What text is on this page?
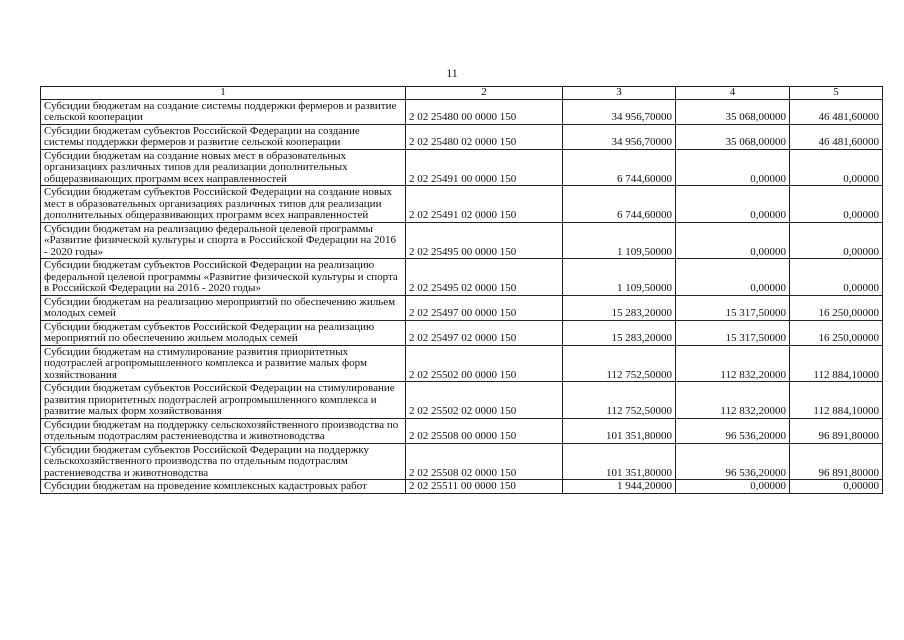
11
1	2	3	4	5
Субсидии бюджетам на создание системы поддержки фермеров и развитие сельской кооперации	2 02 25480 00 0000 150	34 956,70000	35 068,00000	46 481,60000
Субсидии бюджетам субъектов Российской Федерации на создание системы поддержки фермеров и развитие сельской кооперации	2 02 25480 02 0000 150	34 956,70000	35 068,00000	46 481,60000
Субсидии бюджетам на создание новых мест в образовательных организациях различных типов для реализации дополнительных общеразвивающих программ всех направленностей	2 02 25491 00 0000 150	6 744,60000	0,00000	0,00000
Субсидии бюджетам субъектов Российской Федерации на создание новых мест в образовательных организациях различных типов для реализации дополнительных общеразвивающих программ всех направленностей	2 02 25491 02 0000 150	6 744,60000	0,00000	0,00000
Субсидии бюджетам на реализацию федеральной целевой программы «Развитие физической культуры и спорта в Российской Федерации на 2016 - 2020 годы»	2 02 25495 00 0000 150	1 109,50000	0,00000	0,00000
Субсидии бюджетам субъектов Российской Федерации на реализацию федеральной целевой программы «Развитие физической культуры и спорта в Российской Федерации на 2016 - 2020 годы»	2 02 25495 02 0000 150	1 109,50000	0,00000	0,00000
Субсидии бюджетам на реализацию мероприятий по обеспечению жильем молодых семей	2 02 25497 00 0000 150	15 283,20000	15 317,50000	16 250,00000
Субсидии бюджетам субъектов Российской Федерации на реализацию мероприятий по обеспечению жильем молодых семей	2 02 25497 02 0000 150	15 283,20000	15 317,50000	16 250,00000
Субсидии бюджетам на стимулирование развития приоритетных подотраслей агропромышленного комплекса и развитие малых форм хозяйствования	2 02 25502 00 0000 150	112 752,50000	112 832,20000	112 884,10000
Субсидии бюджетам субъектов Российской Федерации на стимулирование развития приоритетных подотраслей агропромышленного комплекса и развитие малых форм хозяйствования	2 02 25502 02 0000 150	112 752,50000	112 832,20000	112 884,10000
Субсидии бюджетам на поддержку сельскохозяйственного производства по отдельным подотраслям растениеводства и животноводства	2 02 25508 00 0000 150	101 351,80000	96 536,20000	96 891,80000
Субсидии бюджетам субъектов Российской Федерации на поддержку сельскохозяйственного производства по отдельным подотраслям растениеводства и животноводства	2 02 25508 02 0000 150	101 351,80000	96 536,20000	96 891,80000
Субсидии бюджетам на проведение комплексных кадастровых работ	2 02 25511 00 0000 150	1 944,20000	0,00000	0,00000
